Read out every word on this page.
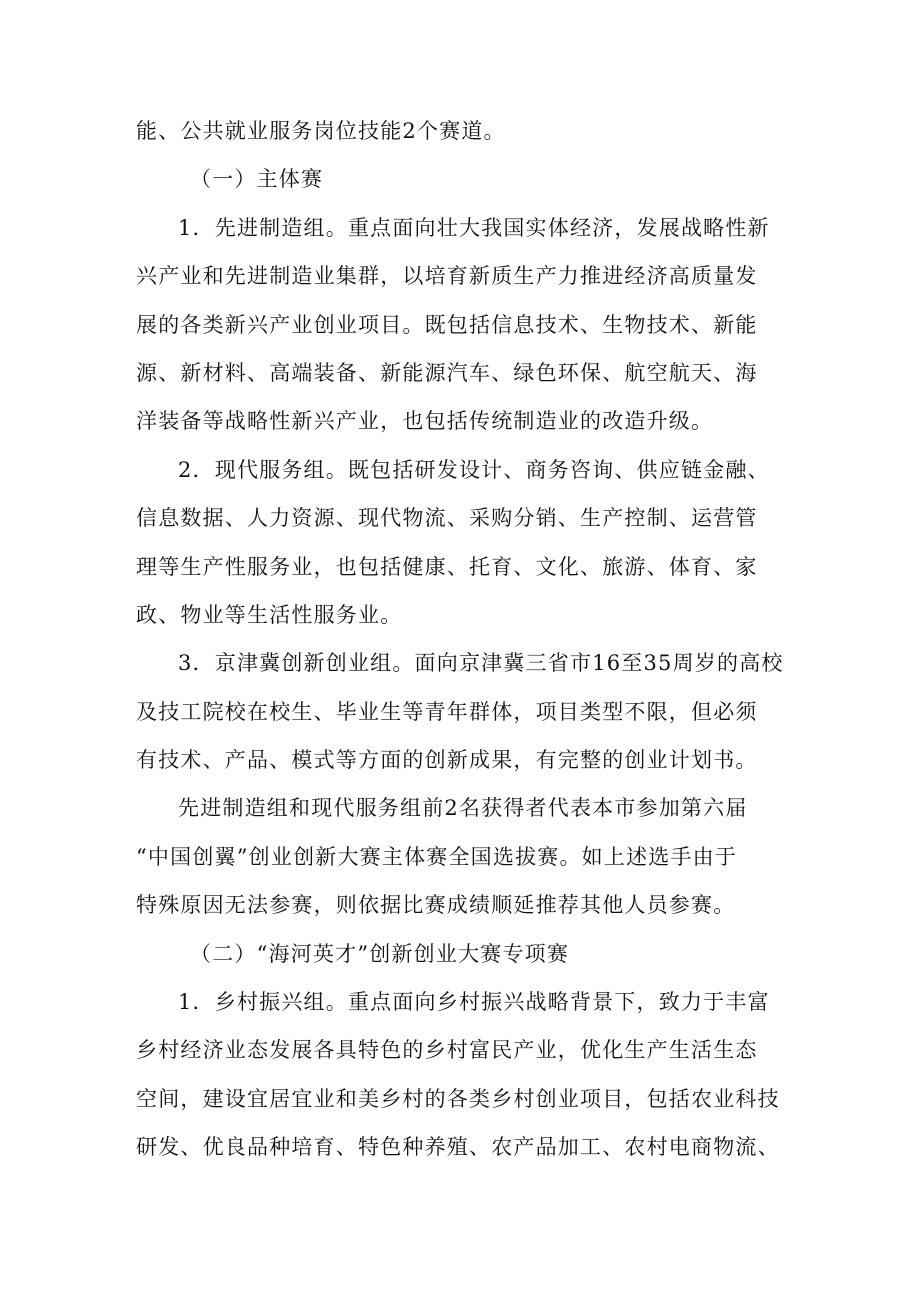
能、公共就业服务岗位技能2个赛道。
（一）主体赛
1．先进制造组。重点面向壮大我国实体经济，发展战略性新
兴产业和先进制造业集群，以培育新质生产力推进经济高质量发
展的各类新兴产业创业项目。既包括信息技术、生物技术、新能
源、新材料、高端装备、新能源汽车、绿色环保、航空航天、海
洋装备等战略性新兴产业，也包括传统制造业的改造升级。
2．现代服务组。既包括研发设计、商务咨询、供应链金融、
信息数据、人力资源、现代物流、采购分销、生产控制、运营管
理等生产性服务业，也包括健康、托育、文化、旅游、体育、家
政、物业等生活性服务业。
3．京津冀创新创业组。面向京津冀三省市16至35周岁的高校
及技工院校在校生、毕业生等青年群体，项目类型不限，但必须
有技术、产品、模式等方面的创新成果，有完整的创业计划书。
先进制造组和现代服务组前2名获得者代表本市参加第六届
“中国创翼”创业创新大赛主体赛全国选拔赛。如上述选手由于
特殊原因无法参赛，则依据比赛成绩顺延推荐其他人员参赛。
（二）“海河英才”创新创业大赛专项赛
1．乡村振兴组。重点面向乡村振兴战略背景下，致力于丰富
乡村经济业态发展各具特色的乡村富民产业，优化生产生活生态
空间，建设宜居宜业和美乡村的各类乡村创业项目，包括农业科技
研发、优良品种培育、特色种养殖、农产品加工、农村电商物流、
